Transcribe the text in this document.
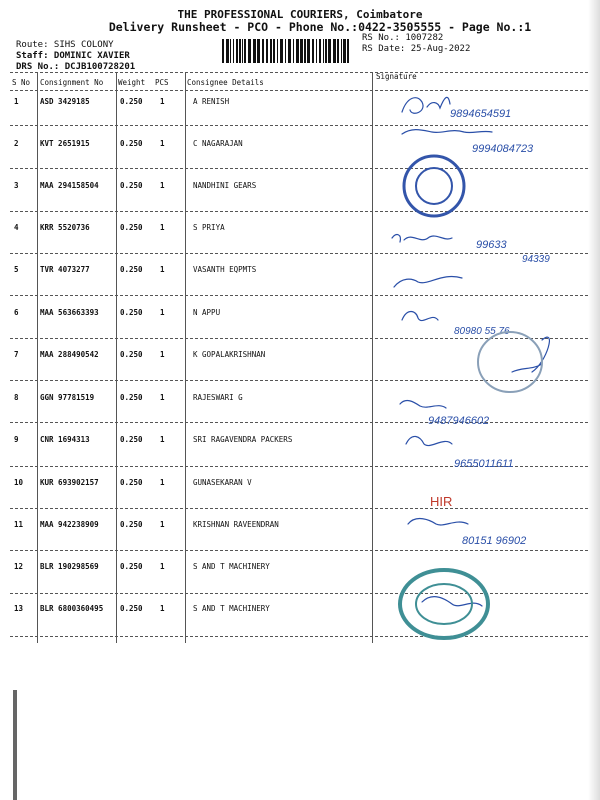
THE PROFESSIONAL COURIERS, Coimbatore
Delivery Runsheet - PCO - Phone No.:0422-3505555 - Page No.:1
Route: SIHS COLONY
Staff: DOMINIC XAVIER
DRS No.: DCJB100728201
RS No.: 1007282
RS Date: 25-Aug-2022
S No Consignment No Weight PCS Consignee Details
Signature
1	ASD 3429185	0.250 1	A RENISH
2	KVT 2651915	0.250 1	C NAGARAJAN
3	MAA 294158504	0.250 1	NANDHINI GEARS
4	KRR 5520736	0.250 1	S PRIYA
5	TVR 4073277	0.250 1	VASANTH EQPMTS
6	MAA 563663393	0.250 1	N APPU
7	MAA 288490542	0.250 1	K GOPALAKRISHNAN
8	GGN 97781519	0.250 1	RAJESWARI G
9	CNR 1694313	0.250 1	SRI RAGAVENDRA PACKERS
10 KUR 693902157	0.250 1	GUNASEKARAN V
11 MAA 942238909	0.250 1	KRISHNAN RAVEENDRAN
12 BLR 190298569	0.250 1	S AND T MACHINERY
13 BLR 6800360495 0.250 1	S AND T MACHINERY
9894654591
9994084723
99633
94339
80980 55 76
9487946602
9655011611
80151 96902
HIR
